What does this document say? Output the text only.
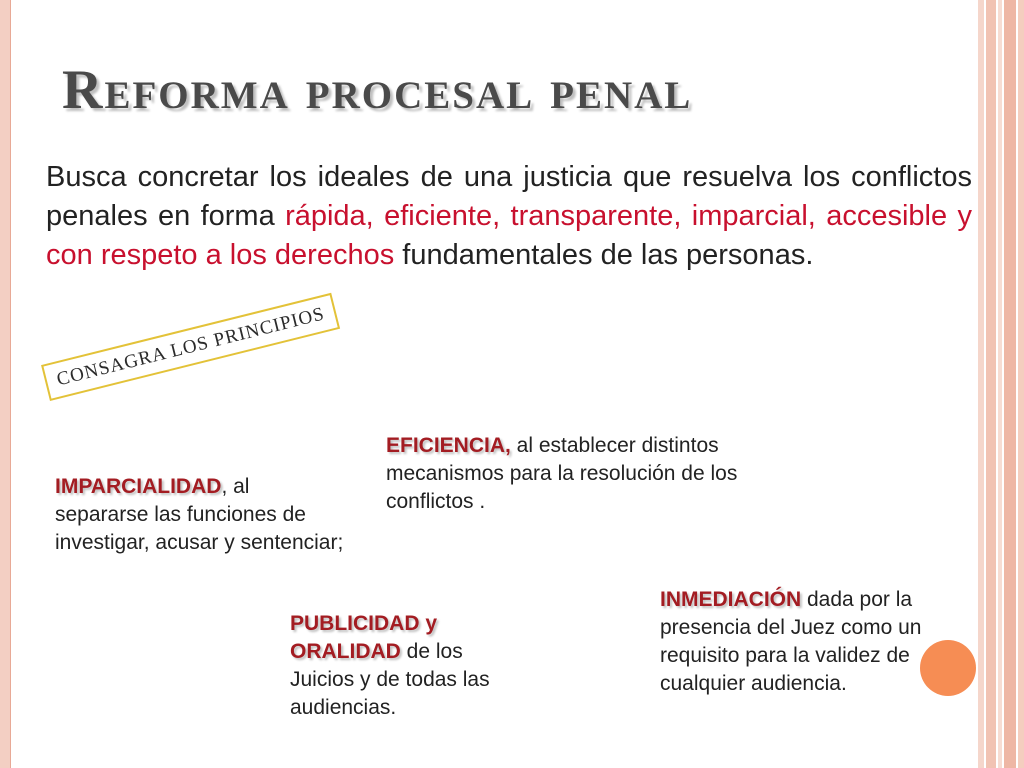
Reforma procesal penal

Busca concretar los ideales de una justicia que resuelva los conflictos penales en forma rápida, eficiente, transparente, imparcial, accesible y con respeto a los derechos fundamentales de las personas.

CONSAGRA LOS PRINCIPIOS

EFICIENCIA, al establecer distintos mecanismos para la resolución de los conflictos .

IMPARCIALIDAD, al separarse las funciones de investigar, acusar y sentenciar;

PUBLICIDAD y ORALIDAD de los Juicios y de todas las audiencias.

INMEDIACIÓN dada por la presencia del Juez como un requisito para la validez de cualquier audiencia.
